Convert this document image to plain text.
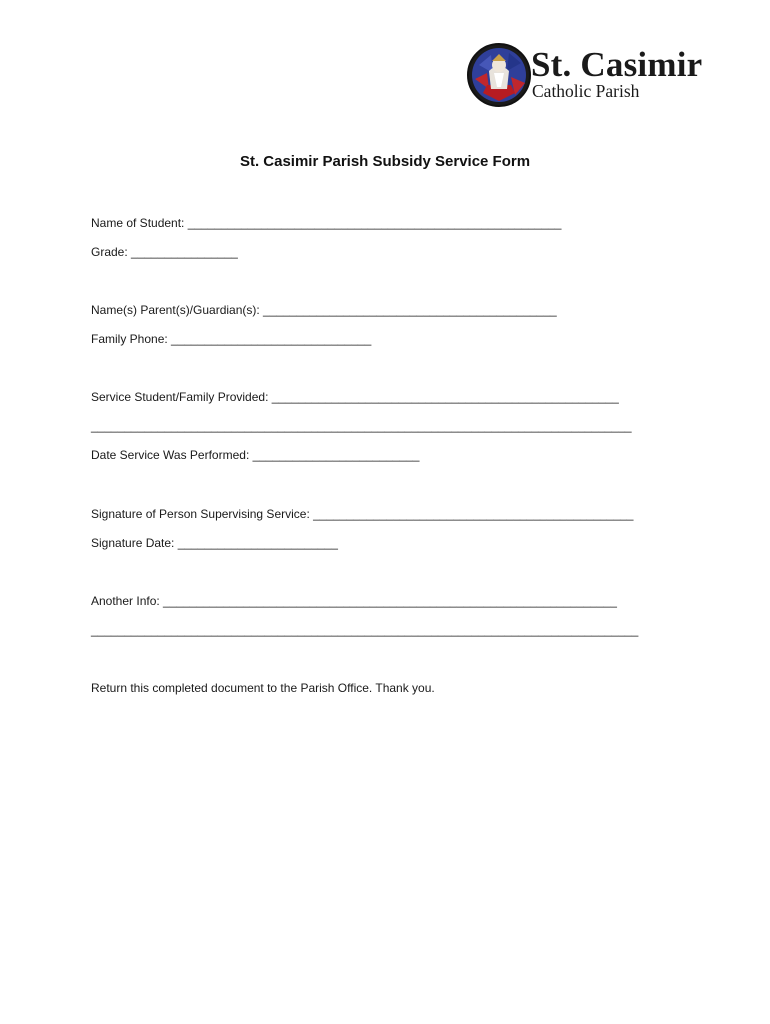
St. Casimir
Catholic Parish
St. Casimir Parish Subsidy Service Form
Name of Student: ________________________________________________________
Grade: ________________
Name(s) Parent(s)/Guardian(s): ____________________________________________
Family Phone: ______________________________
Service Student/Family Provided: ____________________________________________________
_________________________________________________________________________________
Date Service Was Performed: _________________________
Signature of Person Supervising Service: ________________________________________________
Signature Date: ________________________
Another Info: ____________________________________________________________________
__________________________________________________________________________________
Return this completed document to the Parish Office. Thank you.
